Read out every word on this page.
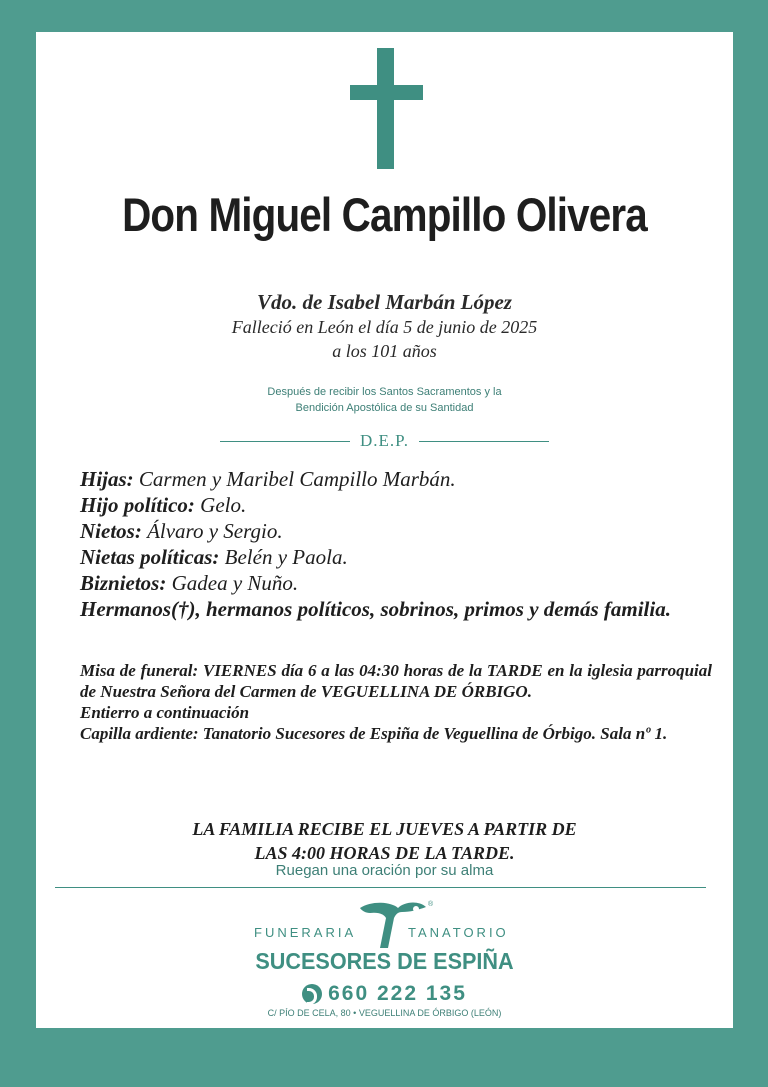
Don Miguel Campillo Olivera
Vdo. de Isabel Marbán López
Falleció en León el día 5 de junio de 2025
a los 101 años
Después de recibir los Santos Sacramentos y la
Bendición Apostólica de su Santidad
D.E.P.
Hijas: Carmen y Maribel Campillo Marbán.
Hijo político: Gelo.
Nietos: Álvaro y Sergio.
Nietas políticas: Belén y Paola.
Biznietos: Gadea y Nuño.
Hermanos(†), hermanos políticos, sobrinos, primos y demás familia.

Misa de funeral: VIERNES día 6 a las 04:30 horas de la TARDE en la iglesia parroquial de Nuestra Señora del Carmen de VEGUELLINA DE ÓRBIGO.

Entierro a continuación

Capilla ardiente: Tanatorio Sucesores de Espiña de Veguellina de Órbigo. Sala nº 1.

LA FAMILIA RECIBE EL JUEVES A PARTIR DE
LAS 4:00 HORAS DE LA TARDE.
Ruegan una oración por su alma
®
FUNERARIA	TANATORIO
SUCESORES DE ESPIÑA
660 222 135
C/ PÍO DE CELA, 80 • VEGUELLINA DE ÓRBIGO (LEÓN)
